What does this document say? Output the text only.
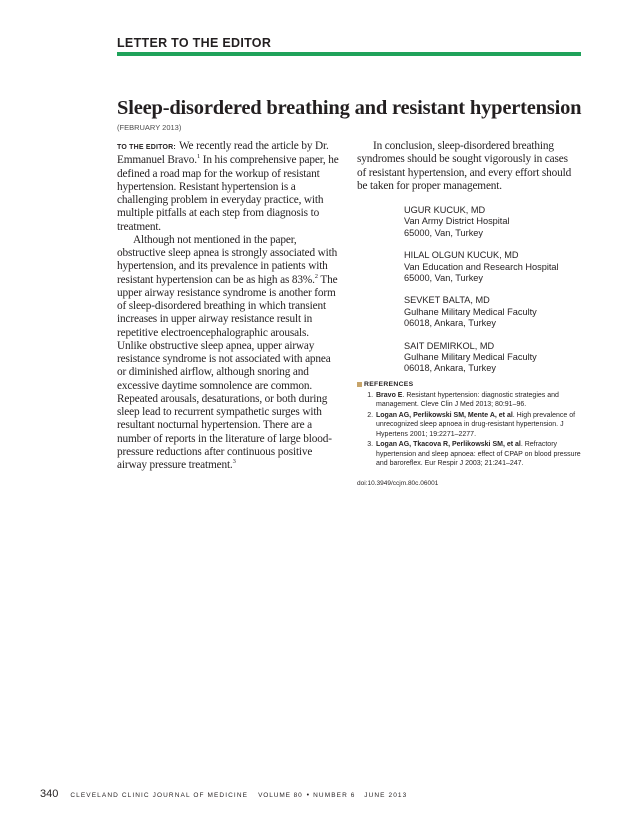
LETTER TO THE EDITOR
Sleep-disordered breathing and resistant hypertension
(FEBRUARY 2013)

TO THE EDITOR: We recently read the article by Dr. Emmanuel Bravo.$^1$ In his comprehensive paper, he defined a road map for the workup of resistant hypertension. Resistant hypertension is a challenging problem in everyday practice, with multiple pitfalls at each step from diagnosis to treatment.

Although not mentioned in the paper, obstructive sleep apnea is strongly associated with hypertension, and its prevalence in patients with resistant hypertension can be as high as 83%.$^2$ The upper airway resistance syndrome is another form of sleep-disordered breathing in which transient increases in upper airway resistance result in repetitive electroencephalographic arousals. Unlike obstructive sleep apnea, upper airway resistance syndrome is not associated with apnea or diminished airflow, although snoring and excessive daytime somnolence are common. Repeated arousals, desaturations, or both during sleep lead to recurrent sympathetic surges with resultant nocturnal hypertension. There are a number of reports in the literature of large blood-pressure reductions after continuous positive airway pressure treatment.$^3$

In conclusion, sleep-disordered breathing syndromes should be sought vigorously in cases of resistant hypertension, and every effort should be taken for proper management.

UGUR KUCUK, MD
Van Army District Hospital
65000, Van, Turkey
HILAL OLGUN KUCUK, MD
Van Education and Research Hospital
65000, Van, Turkey
SEVKET BALTA, MD
Gulhane Military Medical Faculty
06018, Ankara, Turkey
SAIT DEMIRKOL, MD
Gulhane Military Medical Faculty
06018, Ankara, Turkey
REFERENCES
1. Bravo E. Resistant hypertension: diagnostic strategies and management. Cleve Clin J Med 2013; 80:91–96.
2. Logan AG, Perlikowski SM, Mente A, et al. High prevalence of unrecognized sleep apnoea in drug-resistant hypertension. J Hypertens 2001; 19:2271–2277.
3. Logan AG, Tkacova R, Perlikowski SM, et al. Refractory hypertension and sleep apnoea: effect of CPAP on blood pressure and baroreflex. Eur Respir J 2003; 21:241–247.
doi:10.3949/ccjm.80c.06001
340 CLEVELAND CLINIC JOURNAL OF MEDICINE VOLUME 80 • NUMBER 6   JUNE 2013
